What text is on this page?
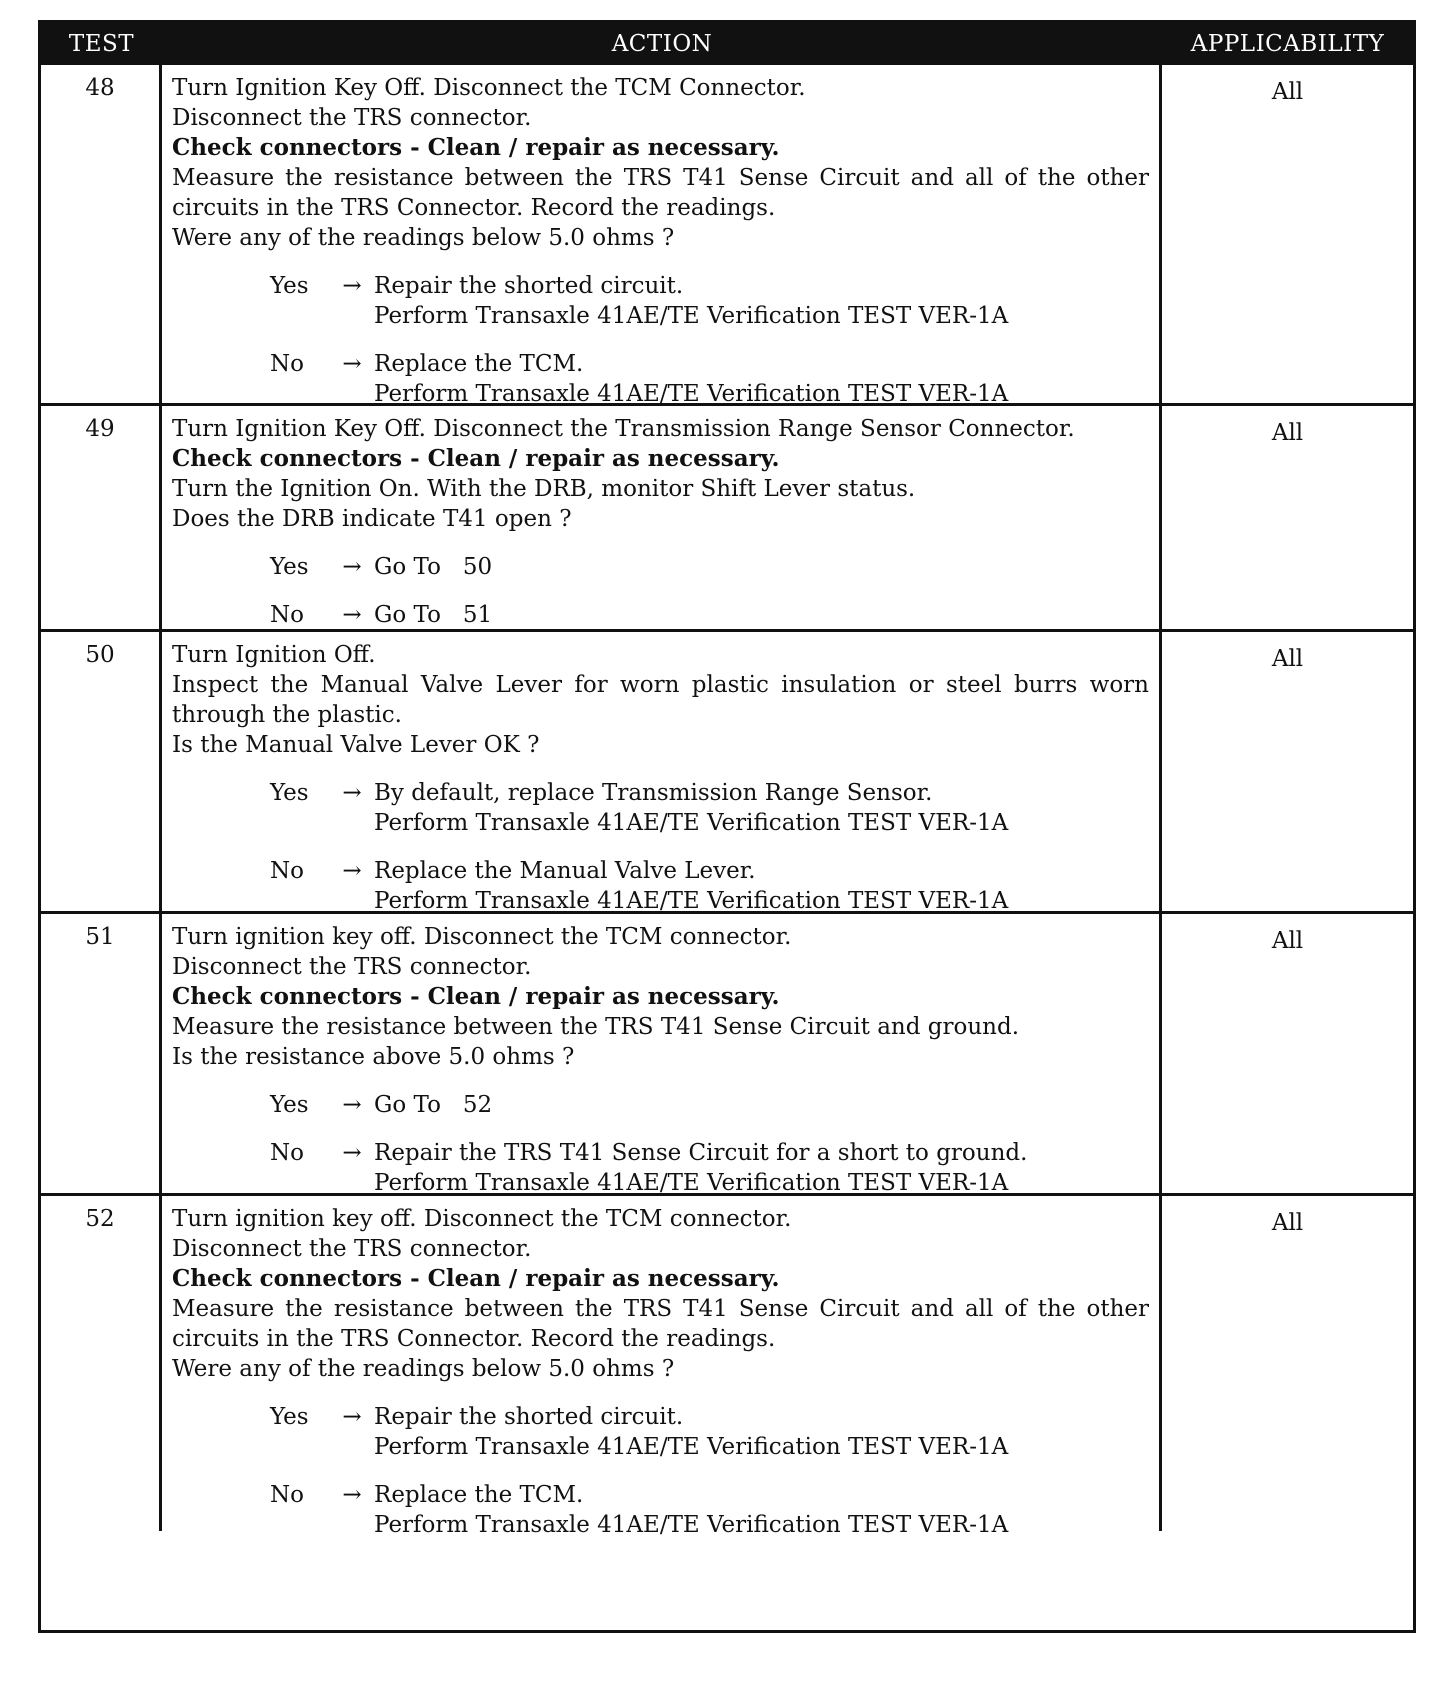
TEST	ACTION	APPLICABILITY
48	Turn Ignition Key Off. Disconnect the TCM Connector.
Disconnect the TRS connector.
Check connectors - Clean / repair as necessary.
Measure the resistance between the TRS T41 Sense Circuit and all of the other circuits in the TRS Connector. Record the readings.
Were any of the readings below 5.0 ohms ?
Yes	→ Repair the shorted circuit.
Perform Transaxle 41AE/TE Verification TEST VER-1A
No	→ Replace the TCM.
Perform Transaxle 41AE/TE Verification TEST VER-1A
All
49	Turn Ignition Key Off. Disconnect the Transmission Range Sensor Connector.
Check connectors - Clean / repair as necessary.
Turn the Ignition On. With the DRB, monitor Shift Lever status.
Does the DRB indicate T41 open ?
Yes	→ Go To   50
No	→ Go To   51
All
50	Turn Ignition Off.
Inspect the Manual Valve Lever for worn plastic insulation or steel burrs worn through the plastic.
Is the Manual Valve Lever OK ?
Yes	→ By default, replace Transmission Range Sensor.
Perform Transaxle 41AE/TE Verification TEST VER-1A
No	→ Replace the Manual Valve Lever.
Perform Transaxle 41AE/TE Verification TEST VER-1A
All
51	Turn ignition key off. Disconnect the TCM connector.
Disconnect the TRS connector.
Check connectors - Clean / repair as necessary.
Measure the resistance between the TRS T41 Sense Circuit and ground.
Is the resistance above 5.0 ohms ?
Yes	→ Go To   52
No	→ Repair the TRS T41 Sense Circuit for a short to ground.
Perform Transaxle 41AE/TE Verification TEST VER-1A
All
52	Turn ignition key off. Disconnect the TCM connector.
Disconnect the TRS connector.
Check connectors - Clean / repair as necessary.
Measure the resistance between the TRS T41 Sense Circuit and all of the other circuits in the TRS Connector. Record the readings.
Were any of the readings below 5.0 ohms ?
Yes	→ Repair the shorted circuit.
Perform Transaxle 41AE/TE Verification TEST VER-1A
No	→ Replace the TCM.
Perform Transaxle 41AE/TE Verification TEST VER-1A
All
